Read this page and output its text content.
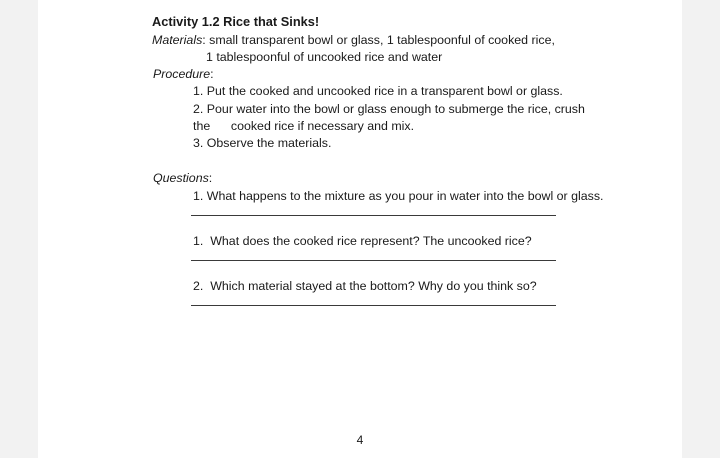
Activity 1.2 Rice that Sinks!
Materials: small transparent bowl or glass, 1 tablespoonful of cooked rice,
1 tablespoonful of uncooked rice and water
Procedure:
1. Put the cooked and uncooked rice in a transparent bowl or glass.
2. Pour water into the bowl or glass enough to submerge the rice, crush
the      cooked rice if necessary and mix.
3. Observe the materials.
Questions:
1. What happens to the mixture as you pour in water into the bowl or glass.
1.  What does the cooked rice represent? The uncooked rice?
2.  Which material stayed at the bottom? Why do you think so?
4
